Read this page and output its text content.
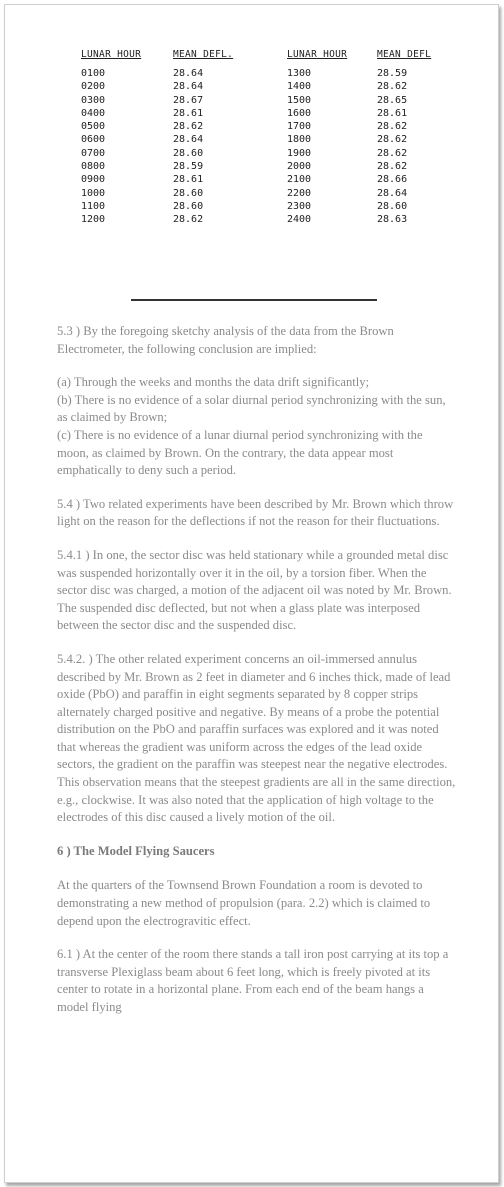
LUNAR HOUR
0100
0200
0300
0400
0500
0600
0700
0800
0900
1000
1100
1200
MEAN DEFL.
28.64
28.64
28.67
28.61
28.62
28.64
28.60
28.59
28.61
28.60
28.60
28.62
LUNAR HOUR
1300
1400
1500
1600
1700
1800
1900
2000
2100
2200
2300
2400
MEAN DEFL
28.59
28.62
28.65
28.61
28.62
28.62
28.62
28.62
28.66
28.64
28.60
28.63

5.3 ) By the foregoing sketchy analysis of the data from the Brown Electrometer, the following conclusion are implied:

(a) Through the weeks and months the data drift significantly;

(b) There is no evidence of a solar diurnal period synchronizing with the sun, as claimed by Brown;

(c) There is no evidence of a lunar diurnal period synchronizing with the moon, as claimed by Brown. On the contrary, the data appear most emphatically to deny such a period.

5.4 ) Two related experiments have been described by Mr. Brown which throw light on the reason for the deflections if not the reason for their fluctuations.

5.4.1 ) In one, the sector disc was held stationary while a grounded metal disc was suspended horizontally over it in the oil, by a torsion fiber. When the sector disc was charged, a motion of the adjacent oil was noted by Mr. Brown. The suspended disc deflected, but not when a glass plate was interposed between the sector disc and the suspended disc.

5.4.2. ) The other related experiment concerns an oil-immersed annulus described by Mr. Brown as 2 feet in diameter and 6 inches thick, made of lead oxide (PbO) and paraffin in eight segments separated by 8 copper strips alternately charged positive and negative. By means of a probe the potential distribution on the PbO and paraffin surfaces was explored and it was noted that whereas the gradient was uniform across the edges of the lead oxide sectors, the gradient on the paraffin was steepest near the negative electrodes. This observation means that the steepest gradients are all in the same direction, e.g., clockwise. It was also noted that the application of high voltage to the electrodes of this disc caused a lively motion of the oil.

6 ) The Model Flying Saucers

At the quarters of the Townsend Brown Foundation a room is devoted to demonstrating a new method of propulsion (para. 2.2) which is claimed to depend upon the electrogravitic effect.

6.1 ) At the center of the room there stands a tall iron post carrying at its top a transverse Plexiglass beam about 6 feet long, which is freely pivoted at its center to rotate in a horizontal plane. From each end of the beam hangs a model flying
